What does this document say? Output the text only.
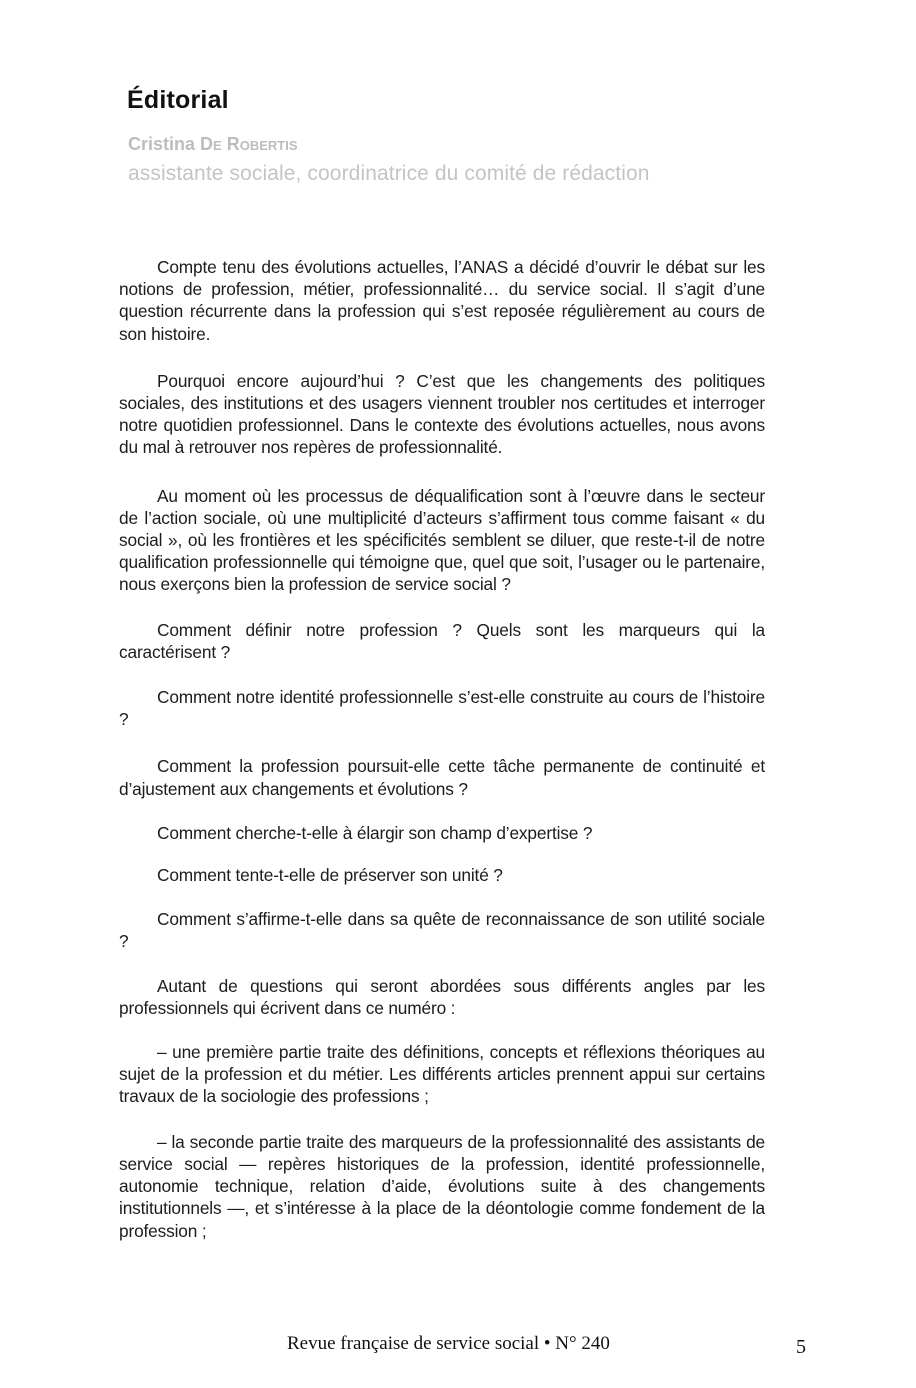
Éditorial
Cristina De Robertis
assistante sociale, coordinatrice du comité de rédaction

Compte tenu des évolutions actuelles, l’ANAS a décidé d’ouvrir le débat sur les notions de profession, métier, professionnalité… du service social. Il s’agit d’une question récurrente dans la profession qui s’est reposée régulièrement au cours de son histoire.

Pourquoi encore aujourd’hui ? C’est que les changements des politiques sociales, des institutions et des usagers viennent troubler nos certitudes et interroger notre quotidien professionnel. Dans le contexte des évolutions actuelles, nous avons du mal à retrouver nos repères de professionnalité.

Au moment où les processus de déqualification sont à l’œuvre dans le secteur de l’action sociale, où une multiplicité d’acteurs s’affirment tous comme faisant « du social », où les frontières et les spécificités semblent se diluer, que reste-t-il de notre qualification professionnelle qui témoigne que, quel que soit, l’usager ou le partenaire, nous exerçons bien la profession de service social ?

Comment définir notre profession ? Quels sont les marqueurs qui la caractérisent ?

Comment notre identité professionnelle s’est-elle construite au cours de l’histoire ?

Comment la profession poursuit-elle cette tâche permanente de continuité et d’ajustement aux changements et évolutions ?

Comment cherche-t-elle à élargir son champ d’expertise ?

Comment tente-t-elle de préserver son unité ?

Comment s’affirme-t-elle dans sa quête de reconnaissance de son utilité sociale ?

Autant de questions qui seront abordées sous différents angles par les professionnels qui écrivent dans ce numéro :

– une première partie traite des définitions, concepts et réflexions théoriques au sujet de la profession et du métier. Les différents articles prennent appui sur certains travaux de la sociologie des professions ;

– la seconde partie traite des marqueurs de la professionnalité des assistants de service social — repères historiques de la profession, identité professionnelle, autonomie technique, relation d’aide, évolutions suite à des changements institutionnels —, et s’intéresse à la place de la déontologie comme fondement de la profession ;

Revue française de service social • N° 240	5
